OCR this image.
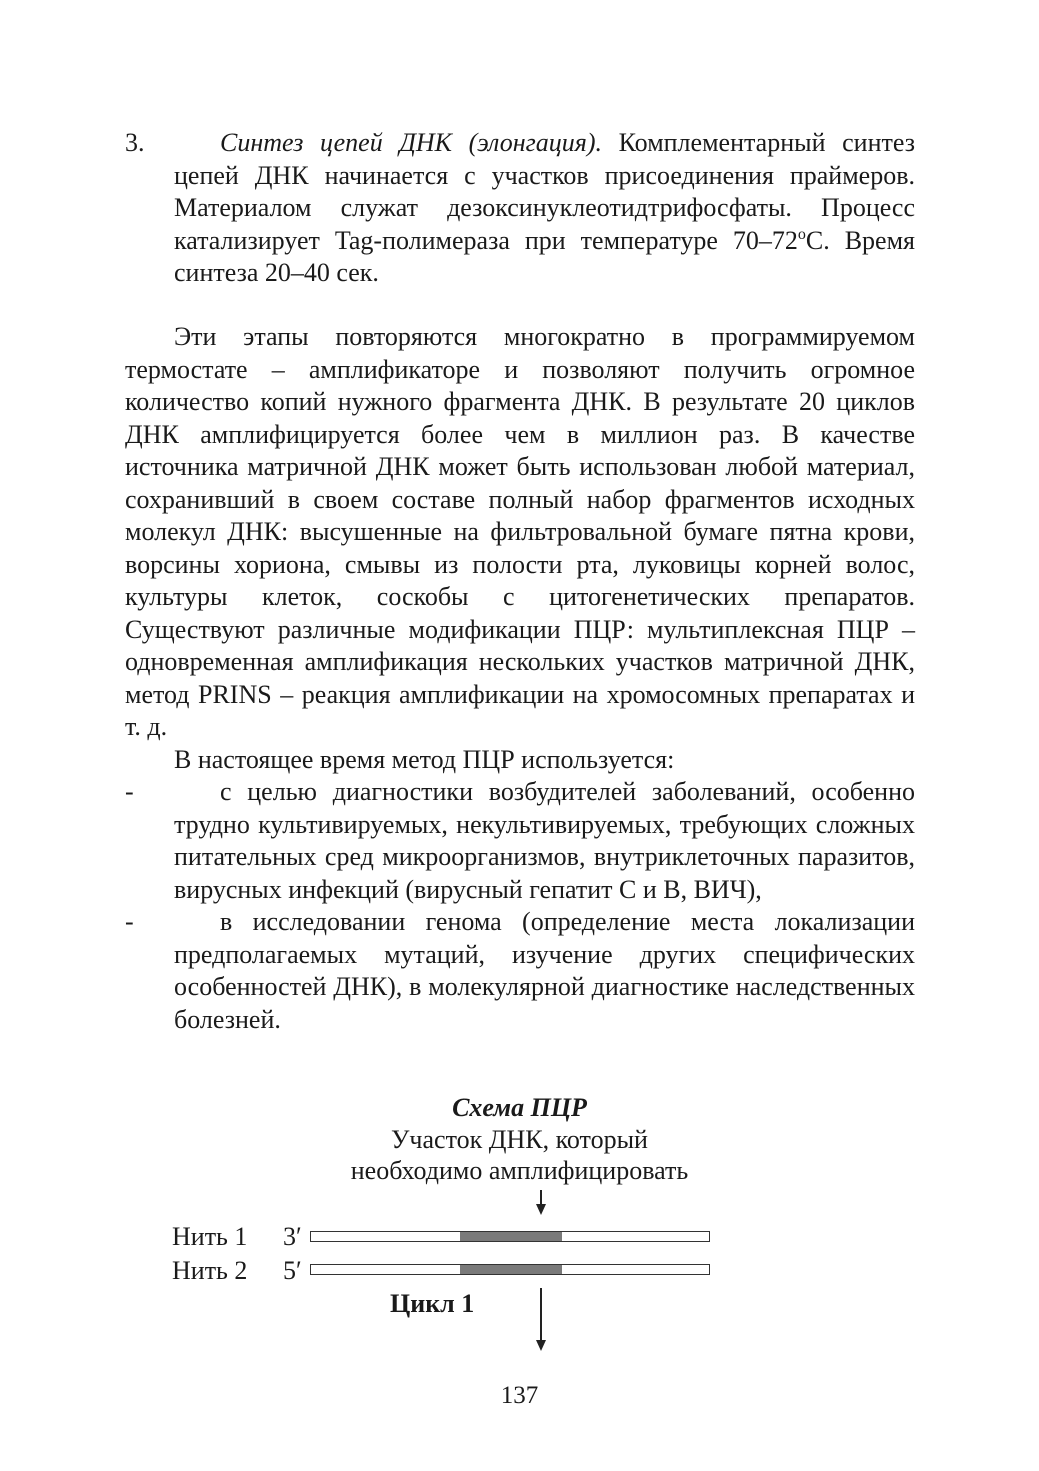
3.	Синтез цепей ДНК (элонгация). Комплементарный синтез цепей ДНК начинается с участков присоединения праймеров. Материалом служат дезоксинуклеотидтрифосфаты. Процесс катализирует Tag-полимераза при температуре $70-72^оС$. Время синтеза 20–40 сек.

Эти этапы повторяются многократно в программируемом термостате – амплификаторе и позволяют получить огромное количество копий нужного фрагмента ДНК. В результате 20 циклов ДНК амплифицируется более чем в миллион раз. В качестве источника матричной ДНК может быть использован любой материал, сохранивший в своем составе полный набор фрагментов исходных молекул ДНК: высушенные на фильтровальной бумаге пятна крови, ворсины хориона, смывы из полости рта, луковицы корней волос, культуры клеток, соскобы с цитогенетических препаратов. Существуют различные модификации ПЦР: мультиплексная ПЦР – одновременная амплификация нескольких участков матричной ДНК, метод PRINS – реакция амплификации на хромосомных препаратах и т. д.

В настоящее время метод ПЦР используется:

-	с целью диагностики возбудителей заболеваний, особенно трудно культивируемых, некультивируемых, требующих сложных питательных сред микроорганизмов, внутриклеточных паразитов, вирусных инфекций (вирусный гепатит С и В, ВИЧ),
-	в исследовании генома (определение места локализации предполагаемых мутаций, изучение других специфических особенностей ДНК), в молекулярной диагностике наследственных болезней.
Схема ПЦР
Участок ДНК, который
необходимо амплифицировать
Нить 1 3′
Нить 2 5′
Цикл 1
137
